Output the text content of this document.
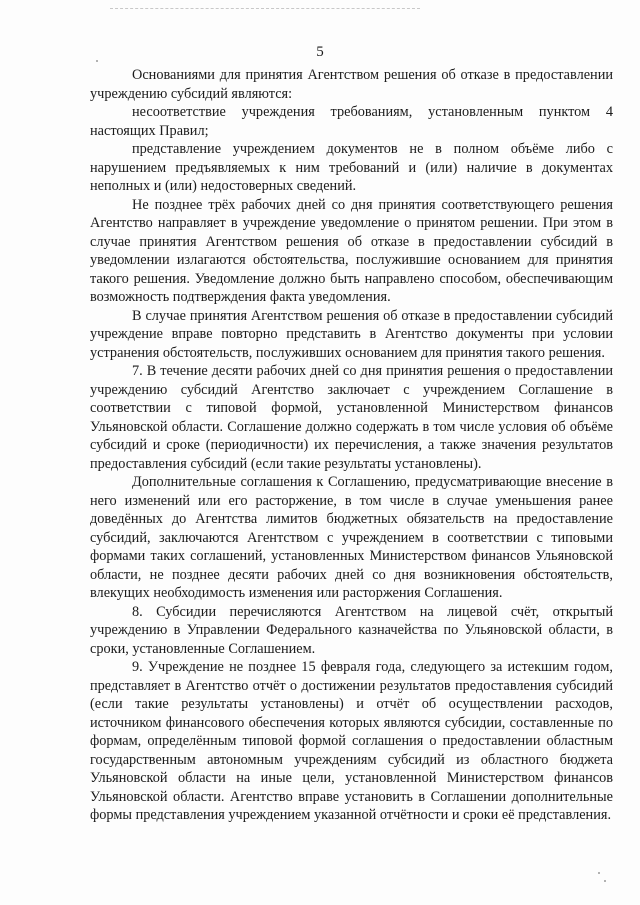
5

Основаниями для принятия Агентством решения об отказе в предоставлении учреждению субсидий являются:

несоответствие учреждения требованиям, установленным пунктом 4 настоящих Правил;

представление учреждением документов не в полном объёме либо с нарушением предъявляемых к ним требований и (или) наличие в документах неполных и (или) недостоверных сведений.

Не позднее трёх рабочих дней со дня принятия соответствующего решения Агентство направляет в учреждение уведомление о принятом решении. При этом в случае принятия Агентством решения об отказе в предоставлении субсидий в уведомлении излагаются обстоятельства, послужившие основанием для принятия такого решения. Уведомление должно быть направлено способом, обеспечивающим возможность подтверждения факта уведомления.

В случае принятия Агентством решения об отказе в предоставлении субсидий учреждение вправе повторно представить в Агентство документы при условии устранения обстоятельств, послуживших основанием для принятия такого решения.

7. В течение десяти рабочих дней со дня принятия решения о предоставлении учреждению субсидий Агентство заключает с учреждением Соглашение в соответствии с типовой формой, установленной Министерством финансов Ульяновской области. Соглашение должно содержать в том числе условия об объёме субсидий и сроке (периодичности) их перечисления, а также значения результатов предоставления субсидий (если такие результаты установлены).

Дополнительные соглашения к Соглашению, предусматривающие внесение в него изменений или его расторжение, в том числе в случае уменьшения ранее доведённых до Агентства лимитов бюджетных обязательств на предоставление субсидий, заключаются Агентством с учреждением в соответствии с типовыми формами таких соглашений, установленных Министерством финансов Ульяновской области, не позднее десяти рабочих дней со дня возникновения обстоятельств, влекущих необходимость изменения или расторжения Соглашения.

8. Субсидии перечисляются Агентством на лицевой счёт, открытый учреждению в Управлении Федерального казначейства по Ульяновской области, в сроки, установленные Соглашением.

9. Учреждение не позднее 15 февраля года, следующего за истекшим годом, представляет в Агентство отчёт о достижении результатов предоставления субсидий (если такие результаты установлены) и отчёт об осуществлении расходов, источником финансового обеспечения которых являются субсидии, составленные по формам, определённым типовой формой соглашения о предоставлении областным государственным автономным учреждениям субсидий из областного бюджета Ульяновской области на иные цели, установленной Министерством финансов Ульяновской области. Агентство вправе установить в Соглашении дополнительные формы представления учреждением указанной отчётности и сроки её представления.
